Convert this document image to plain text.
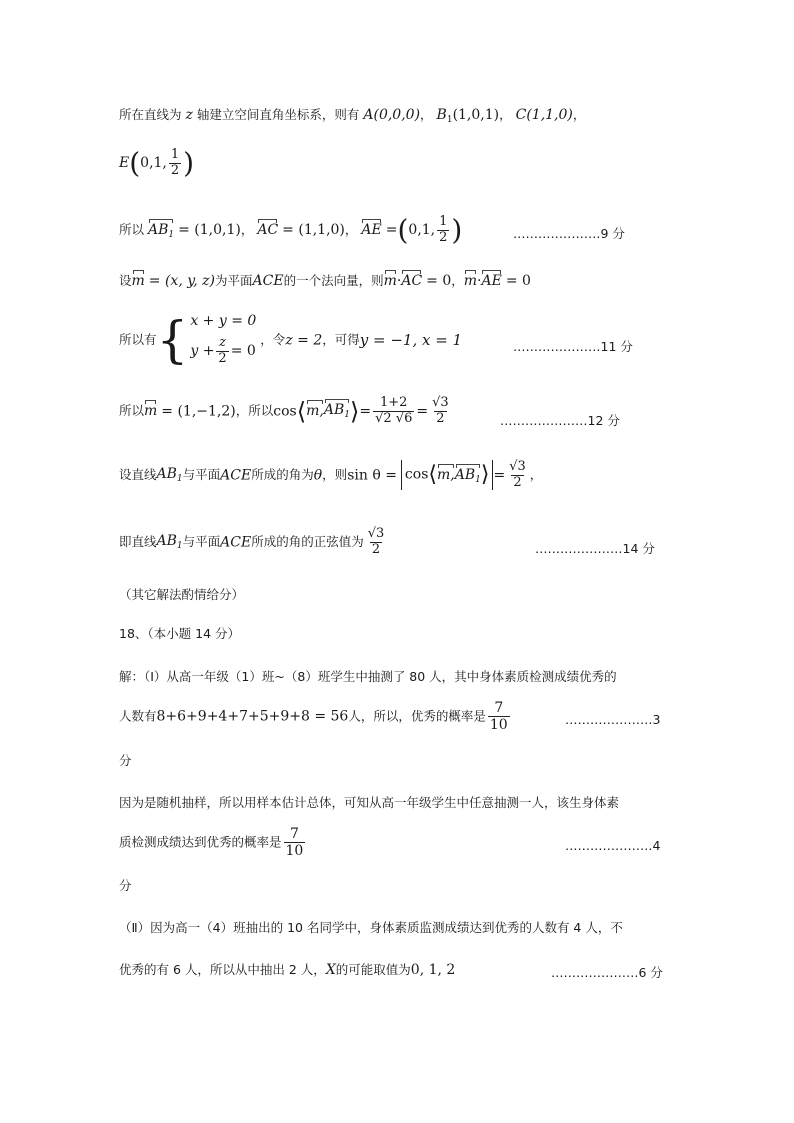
所在直线为 z 轴建立空间直角坐标系，则有 A(0,0,0)， $B_1(1,0,1)$， C(1,1,0)，
E(0,1, $\frac{1}{2}$ )
所以 $AB_1 = (1,0,1)$， AC = (1,1,0)， AE =(0,1, $\frac{1}{2}$ )	…………………9 分
设m = (x, y, z)为平面ACE的一个法向量，则m·AC = 0，m·AE = 0
所以有{ x + y = 0
$y + \frac{z}{2} = 0$
，令z = 2，可得y = −1, x = 1	…………………11 分
所以m = (1,−1,2)，所以$\cos⟨m,AB_1⟩= \frac{1+2}{√2 √6} = \frac{√3}{2}$	…………………12 分
设直线$AB_1$与平面ACE所成的角为θ，则$\sin \theta = \cos⟨m,AB_1⟩ = \frac{√3}{2}$ ，
即直线$AB_1$与平面ACE所成的角的正弦值为 $\frac{√3}{2}$	…………………14 分
（其它解法酌情给分）
18、（本小题 14 分）
解：（Ⅰ）从高一年级（1）班~（8）班学生中抽测了 80 人，其中身体素质检测成绩优秀的
人数有8+6+9+4+7+5+9+8 = 56人，所以，优秀的概率是 $\frac{7}{10}$	…………………3
分
因为是随机抽样，所以用样本估计总体，可知从高一年级学生中任意抽测一人，该生身体素
质检测成绩达到优秀的概率是 $\frac{7}{10}$	…………………4
分
（Ⅱ）因为高一（4）班抽出的 10 名同学中，身体素质监测成绩达到优秀的人数有 4 人，不
优秀的有 6 人，所以从中抽出 2 人，X的可能取值为0, 1, 2	…………………6 分
